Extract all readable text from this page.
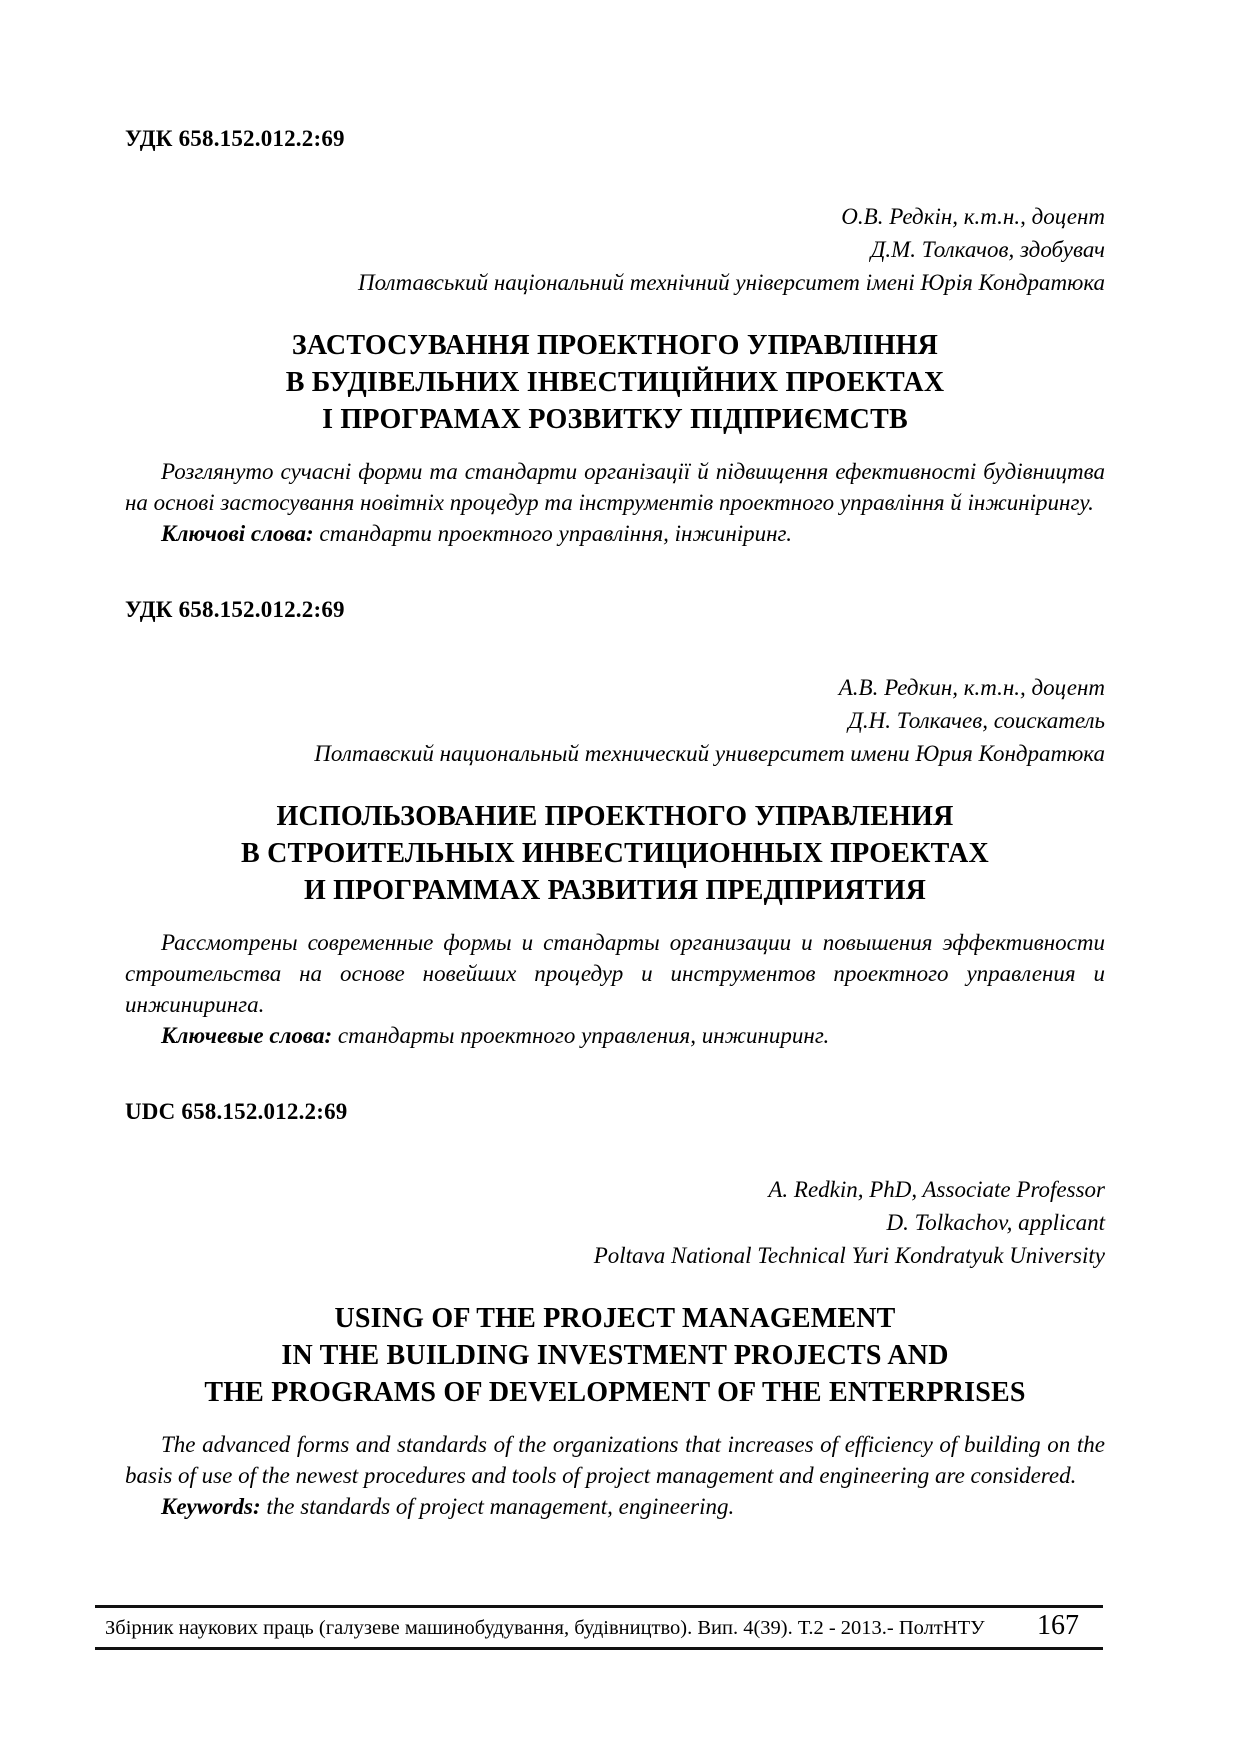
УДК 658.152.012.2:69
О.В. Редкін, к.т.н., доцент
Д.М. Толкачов, здобувач
Полтавський національний технічний університет імені Юрія Кондратюка
ЗАСТОСУВАННЯ ПРОЕКТНОГО УПРАВЛІННЯ
В БУДІВЕЛЬНИХ ІНВЕСТИЦІЙНИХ ПРОЕКТАХ
І ПРОГРАМАХ РОЗВИТКУ ПІДПРИЄМСТВ

Розглянуто сучасні форми та стандарти організації й підвищення ефективності будівництва на основі застосування новітніх процедур та інструментів проектного управління й інжинірингу.

Ключові слова: стандарти проектного управління, інжиніринг.

УДК 658.152.012.2:69
А.В. Редкин, к.т.н., доцент
Д.Н. Толкачев, соискатель
Полтавский национальный технический университет имени Юрия Кондратюка
ИСПОЛЬЗОВАНИЕ ПРОЕКТНОГО УПРАВЛЕНИЯ
В СТРОИТЕЛЬНЫХ ИНВЕСТИЦИОННЫХ ПРОЕКТАХ
И ПРОГРАММАХ РАЗВИТИЯ ПРЕДПРИЯТИЯ

Рассмотрены современные формы и стандарты организации и повышения эффективности строительства на основе новейших процедур и инструментов проектного управления и инжиниринга.

Ключевые слова: стандарты проектного управления, инжиниринг.

UDC 658.152.012.2:69
A. Redkin, PhD, Associate Professor
D. Tolkachov, applicant
Poltava National Technical Yuri Kondratyuk University
USING OF THE PROJECT MANAGEMENT
IN THE BUILDING INVESTMENT PROJECTS AND
THE PROGRAMS OF DEVELOPMENT OF THE ENTERPRISES

The advanced forms and standards of the organizations that increases of efficiency of building on the basis of use of the newest procedures and tools of project management and engineering are considered.

Keywords: the standards of project management, engineering.

Збірник наукових праць (галузеве машинобудування, будівництво). Вип. 4(39). Т.2 - 2013.- ПолтНТУ 167
